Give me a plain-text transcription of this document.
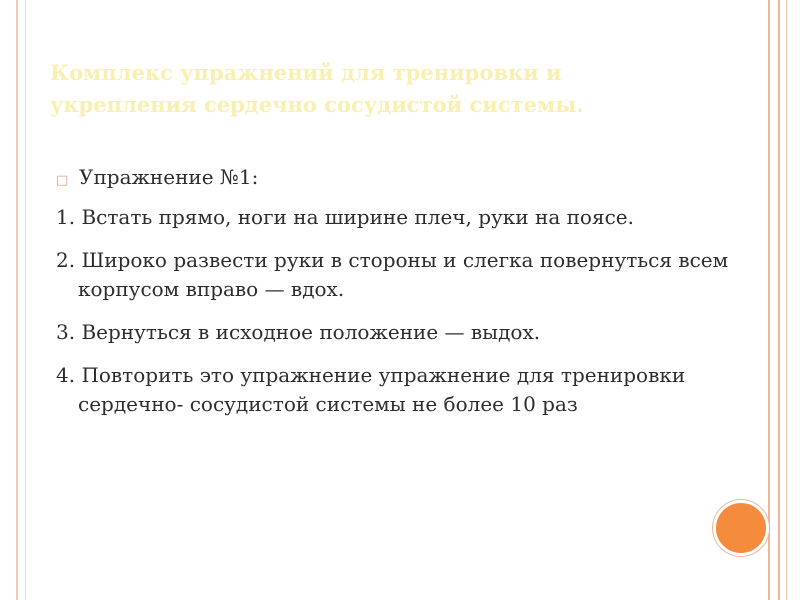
Комплекс упражнений для тренировки и укрепления сердечно сосудистой системы.
□ Упражнение №1:
1. Встать прямо, ноги на ширине плеч, руки на поясе.
2. Широко развести руки в стороны и слегка повернуться всем корпусом вправо — вдох.
3. Вернуться в исходное положение — выдох.
4. Повторить это упражнение упражнение для тренировки сердечно- сосудистой системы не более 10 раз
